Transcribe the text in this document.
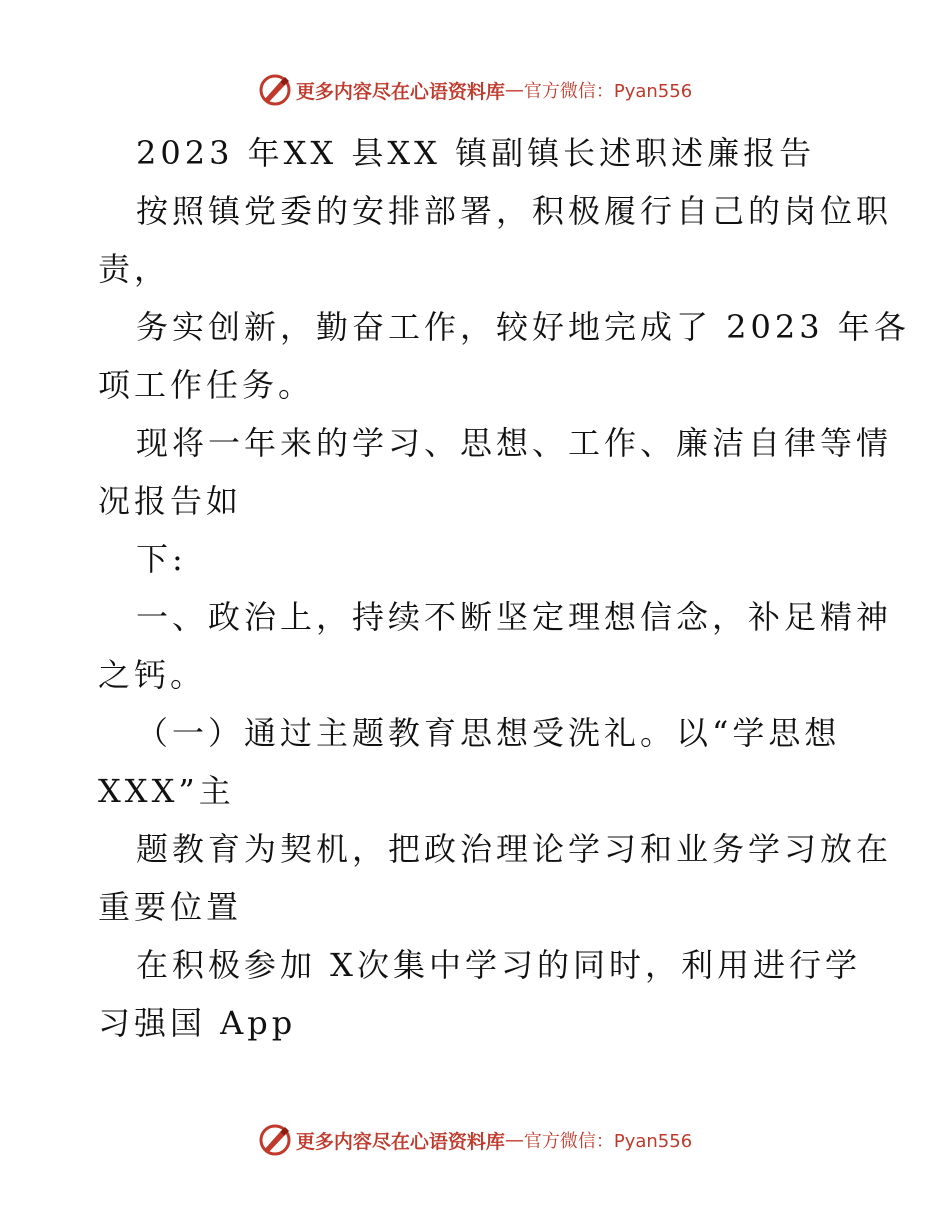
更多内容尽在心语资料库 — 官方微信：Pyan556
2023 年XX 县XX 镇副镇长述职述廉报告
按照镇党委的安排部署，积极履行自己的岗位职
责，
务实创新，勤奋工作，较好地完成了 2023 年各
项工作任务。
现将一年来的学习、思想、工作、廉洁自律等情
况报告如
下:
一、政治上，持续不断坚定理想信念，补足精神
之钙。
（一）通过主题教育思想受洗礼。以“学思想
XXX”主
题教育为契机，把政治理论学习和业务学习放在
重要位置
在积极参加 X次集中学习的同时，利用进行学
习强国 App
更多内容尽在心语资料库 — 官方微信：Pyan556
